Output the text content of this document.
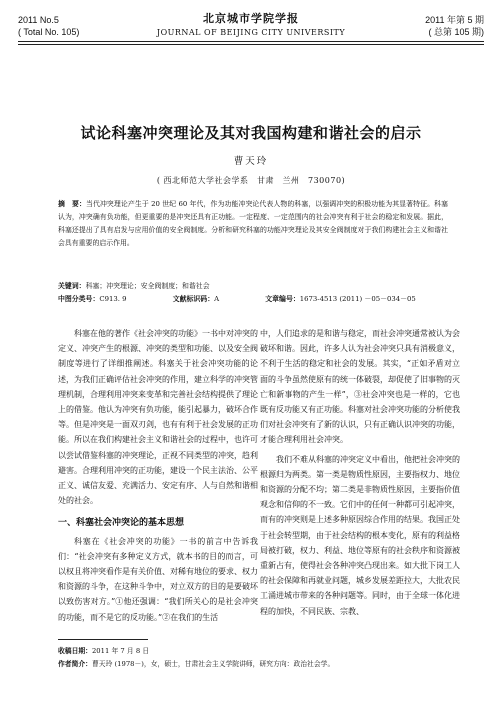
2011 No.5
( Total No. 105)
北京城市学院学报
JOURNAL OF BEIJING CITY UNIVERSITY
2011 年第 5 期
( 总第 105 期)
试论科塞冲突理论及其对我国构建和谐社会的启示
曹天玲
( 西北师范大学社会学系　甘肃　兰州　730070)
摘　要：当代冲突理论产生于 20 世纪 60 年代，作为功能冲突论代表人物的科塞，以强调冲突的积极功能为其显著特征。科塞认为，冲突确有负功能，但更重要的是冲突还具有正功能。一定程度、一定范围内的社会冲突有利于社会的稳定和发展。据此，科塞还提出了具有启发与应用价值的安全阀制度。分析和研究科塞的功能冲突理论及其安全阀制度对于我们构建社会主义和谐社会具有重要的启示作用。
关键词：科塞；冲突理论；安全阀制度；和谐社会
中图分类号：C913. 9	文献标识码：A	文章编号：1673-4513 (2011) －05－034－05

科塞在他的著作《社会冲突的功能》一书中对冲突的定义、冲突产生的根源、冲突的类型和功能、以及安全阀制度等进行了详细推阐述。科塞关于社会冲突功能的论述，为我们正确评估社会冲突的作用，建立科学的冲突管理机制，合理利用冲突来变革和完善社会结构提供了理论上的借鉴。他认为冲突有负功能，能引起暴力，破坏合作等。但是冲突是一面双刃剑，也有有利于社会发展的正功能。所以在我们构建社会主义和谐社会的过程中，也许可以尝试借鉴科塞的冲突理论，正视不同类型的冲突，趋利避害。合理利用冲突的正功能，建设一个民主法治、公平正义、诚信友爱、充满活力、安定有序、人与自然和谐相处的社会。

一、科塞社会冲突论的基本思想

科塞在《社会冲突的功能》一书的前言中告诉我们：“社会冲突有多种定义方式，就本书的目的而言，可以权且将冲突看作是有关价值、对稀有地位的要求、权力和资源的斗争，在这种斗争中，对立双方的目的是要破坏以致伤害对方。”①他还强调：“我们所关心的是社会冲突的功能，而不是它的反功能。”②在我们的生活

中，人们追求的是和谐与稳定，而社会冲突通常被认为会破坏和谐。因此，许多人认为社会冲突只具有消极意义，不利于生活的稳定和社会的发展。其实，“正如矛盾对立面的斗争虽然使原有的统一体破裂，却促使了旧事物的灭亡和新事物的产生一样”，③社会冲突也是一样的，它也既有反功能又有正功能。科塞对社会冲突功能的分析使我们对社会冲突有了新的认识，只有正确认识冲突的功能，才能合理利用社会冲突。

我们不难从科塞的冲突定义中看出，他把社会冲突的根源归为两类。第一类是物质性原因，主要指权力、地位和资源的分配不均；第二类是非物质性原因，主要指价值观念和信仰的不一致。它们中的任何一种都可引起冲突，而有的冲突则是上述多种原因综合作用的结果。我国正处于社会转型期，由于社会结构的根本变化，原有的利益格局被打破，权力、利益、地位等原有的社会秩序和资源被重新占有，使得社会各种冲突凸现出来。如大批下岗工人的社会保障和再就业问题，城乡发展差距拉大，大批农民工涌进城市带来的各种问题等。同时，由于全球一体化进程的加快，不同民族、宗教、

收稿日期：2011 年 7 月 8 日
作者简介：曹天玲 (1978－)，女，硕士，甘肃社会主义学院讲师，研究方向：政治社会学。
